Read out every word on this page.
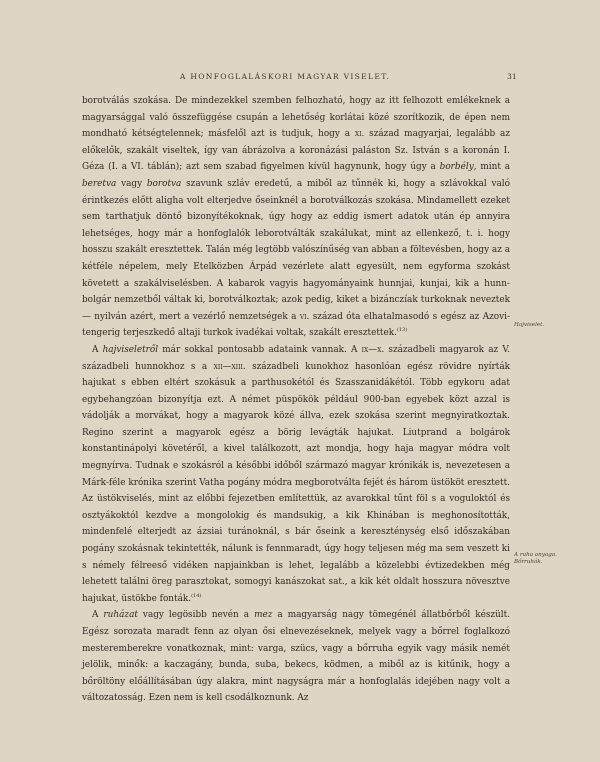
A HONFOGLALÁSKORI MAGYAR VISELET.	31

borotválás szokása. De mindezekkel szemben felhozható, hogy az itt felhozott emlékeknek a magyarsággal való összefüggése csupán a lehetőség korlátai közé szorítkozik, de épen nem mondható kétségtelennek; másfelől azt is tudjuk, hogy a xi. század magyarjai, legalább az előkelők, szakált viseltek, így van ábrázolva a koronázási paláston Sz. István s a koronán I. Géza (I. a VI. táblán); azt sem szabad figyelmen kívül hagynunk, hogy úgy a borbély, mint a beretva vagy borotva szavunk szláv eredetű, a miből az tűnnék ki, hogy a szlávokkal való érintkezés előtt aligha volt elterjedve őseinknél a borotválkozás szokása. Mindamellett ezeket sem tarthatjuk döntő bizonyítékoknak, úgy hogy az eddig ismert adatok után ép annyira lehetséges, hogy már a honfoglalók leborotválták szakálukat, mint az ellenkező, t. i. hogy hosszu szakált eresztettek. Talán még legtöbb valószínűség van abban a föltevésben, hogy az a kétféle népelem, mely Etelközben Árpád vezérlete alatt egyesült, nem egyforma szokást követett a szakálviselésben. A kabarok vagyis hagyományaink hunnjai, kunjai, kik a hunn-bolgár nemzetből váltak ki, borotválkoztak; azok pedig, kiket a bizánczíak turkoknak neveztek — nyilván azért, mert a vezérlő nemzetségek a vi. század óta elhatalmasodó s egész az Azovi-tengerig terjeszkedő altaji turkok ivadékai voltak, szakált eresztettek.$^{(13)}$

A hajviseletről már sokkal pontosabb adataink vannak. A ix—x. századbeli magyarok az V. századbeli hunnokhoz s a xii—xiii. századbeli kunokhoz hasonlóan egész rövidre nyírták hajukat s ebben eltért szokásuk a parthusokétól és Szasszanidákétól. Több egykoru adat egybehangzóan bizonyítja ezt. A német püspökök például 900-ban egyebek közt azzal is vádolják a morvákat, hogy a magyarok közé állva, ezek szokása szerint megnyiratkoztak. Regino szerint a magyarok egész a börig levágták hajukat. Liutprand a bolgárok konstantinápolyi követéről, a kivel találkozott, azt mondja, hogy haja magyar módra volt megnyírva. Tudnak e szokásról a későbbi időből származó magyar krónikák is, nevezetesen a Márk-féle krónika szerint Vatha pogány módra megborotválta fejét és három üstököt eresztett. Az üstökviselés, mint az előbbi fejezetben említettük, az avarokkal tűnt föl s a voguloktól és osztyákoktól kezdve a mongolokig és mandsukig, a kik Khinában is meghonosították, mindenfelé elterjedt az ázsiai turánoknál, s bár őseink a kereszténység első időszakában pogány szokásnak tekintették, nálunk is fennmaradt, úgy hogy teljesen még ma sem veszett ki s némely félreeső vidéken napjainkban is lehet, legalább a közelebbi évtizedekben még lehetett találni öreg parasztokat, somogyi kanászokat sat., a kik két oldalt hosszura növesztve hajukat, üstökbe fonták.$^{(14)}$

A ruházat vagy legösibb nevén a mez a magyarság nagy tömegénél állatbőrből készült. Egész sorozata maradt fenn az olyan ősi elnevezéseknek, melyek vagy a bőrrel foglalkozó mesteremberekre vonatkoznak, mint: varga, szücs, vagy a bőrruha egyik vagy másik nemét jelölik, minők: a kaczagány, bunda, suba, bekecs, ködmen, a miből az is kitűnik, hogy a bőröltöny előállításában úgy alakra, mint nagyságra már a honfoglalás idejében nagy volt a változatosság. Ezen nem is kell csodálkoznunk. Az

Hajviselet.
A ruha anyaga. Bőrruhák.
